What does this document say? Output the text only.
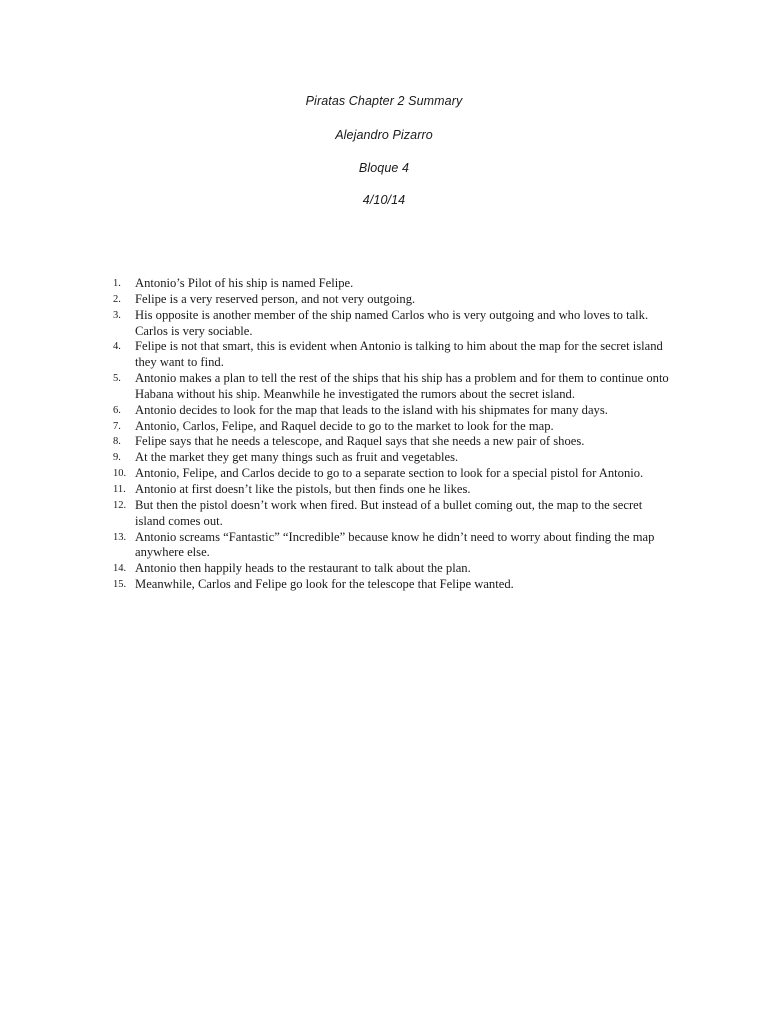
Piratas Chapter 2 Summary
Alejandro Pizarro
Bloque 4
4/10/14
1.	Antonio’s Pilot of his ship is named Felipe.
2.	Felipe is a very reserved person, and not very outgoing.
3.	His opposite is another member of the ship named Carlos who is very outgoing and who loves to talk. Carlos is very sociable.
4.	Felipe is not that smart, this is evident when Antonio is talking to him about the map for the secret island they want to find.
5.	Antonio makes a plan to tell the rest of the ships that his ship has a problem and for them to continue onto Habana without his ship. Meanwhile he investigated the rumors about the secret island.
6.	Antonio decides to look for the map that leads to the island with his shipmates for many days.
7.	Antonio, Carlos, Felipe, and Raquel decide to go to the market to look for the map.
8.	Felipe says that he needs a telescope, and Raquel says that she needs a new pair of shoes.
9.	At the market they get many things such as fruit and vegetables.
10. Antonio, Felipe, and Carlos decide to go to a separate section to look for a special pistol for Antonio.
11. Antonio at first doesn’t like the pistols, but then finds one he likes.
12. But then the pistol doesn’t work when fired. But instead of a bullet coming out, the map to the secret island comes out.
13. Antonio screams “Fantastic” “Incredible” because know he didn’t need to worry about finding the map anywhere else.
14. Antonio then happily heads to the restaurant to talk about the plan.
15. Meanwhile, Carlos and Felipe go look for the telescope that Felipe wanted.
